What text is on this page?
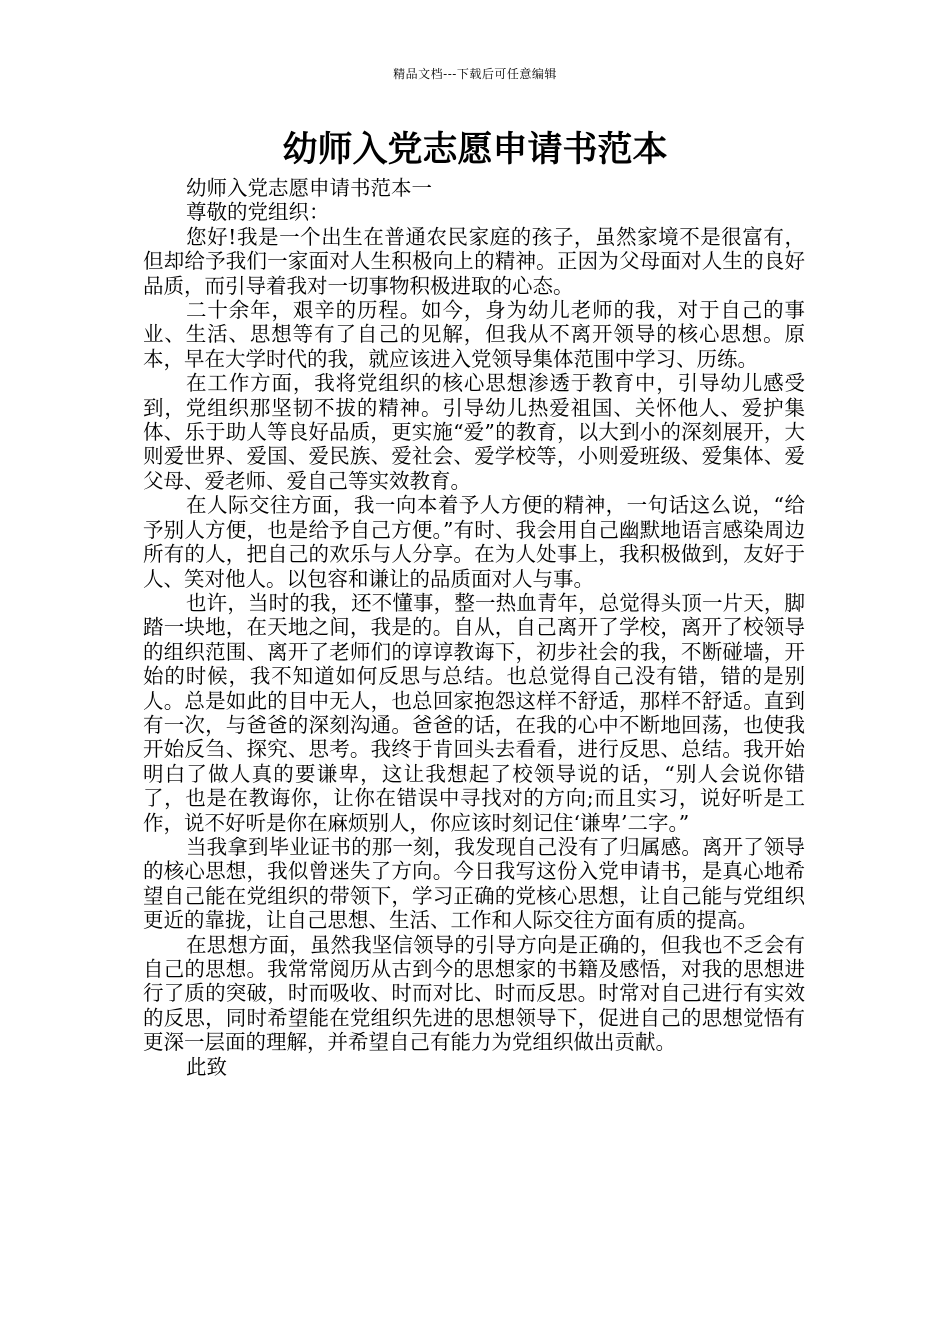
精品文档---下载后可任意编辑
幼师入党志愿申请书范本

幼师入党志愿申请书范本一

尊敬的党组织：

您好!我是一个出生在普通农民家庭的孩子，虽然家境不是很富有，但却给予我们一家面对人生积极向上的精神。正因为父母面对人生的良好品质，而引导着我对一切事物积极进取的心态。

二十余年，艰辛的历程。如今，身为幼儿老师的我，对于自己的事业、生活、思想等有了自己的见解，但我从不离开领导的核心思想。原本，早在大学时代的我，就应该进入党领导集体范围中学习、历练。

在工作方面，我将党组织的核心思想渗透于教育中，引导幼儿感受到，党组织那坚韧不拔的精神。引导幼儿热爱祖国、关怀他人、爱护集体、乐于助人等良好品质，更实施“爱”的教育，以大到小的深刻展开，大则爱世界、爱国、爱民族、爱社会、爱学校等，小则爱班级、爱集体、爱父母、爱老师、爱自己等实效教育。

在人际交往方面，我一向本着予人方便的精神，一句话这么说，“给予别人方便，也是给予自己方便。”有时、我会用自己幽默地语言感染周边所有的人，把自己的欢乐与人分享。在为人处事上，我积极做到，友好于人、笑对他人。以包容和谦让的品质面对人与事。

也许，当时的我，还不懂事，整一热血青年，总觉得头顶一片天，脚踏一块地，在天地之间，我是的。自从，自己离开了学校，离开了校领导的组织范围、离开了老师们的谆谆教诲下，初步社会的我，不断碰墙，开始的时候，我不知道如何反思与总结。也总觉得自己没有错，错的是别人。总是如此的目中无人，也总回家抱怨这样不舒适，那样不舒适。直到有一次，与爸爸的深刻沟通。爸爸的话，在我的心中不断地回荡，也使我开始反刍、探究、思考。我终于肯回头去看看，进行反思、总结。我开始明白了做人真的要谦卑，这让我想起了校领导说的话，“别人会说你错了，也是在教诲你，让你在错误中寻找对的方向;而且实习，说好听是工作，说不好听是你在麻烦别人，你应该时刻记住‘谦卑’二字。”

当我拿到毕业证书的那一刻，我发现自己没有了归属感。离开了领导的核心思想，我似曾迷失了方向。今日我写这份入党申请书，是真心地希望自己能在党组织的带领下，学习正确的党核心思想，让自己能与党组织更近的靠拢，让自己思想、生活、工作和人际交往方面有质的提高。

在思想方面，虽然我坚信领导的引导方向是正确的，但我也不乏会有自己的思想。我常常阅历从古到今的思想家的书籍及感悟，对我的思想进行了质的突破，时而吸收、时而对比、时而反思。时常对自己进行有实效的反思，同时希望能在党组织先进的思想领导下，促进自己的思想觉悟有更深一层面的理解，并希望自己有能力为党组织做出贡献。

此致
